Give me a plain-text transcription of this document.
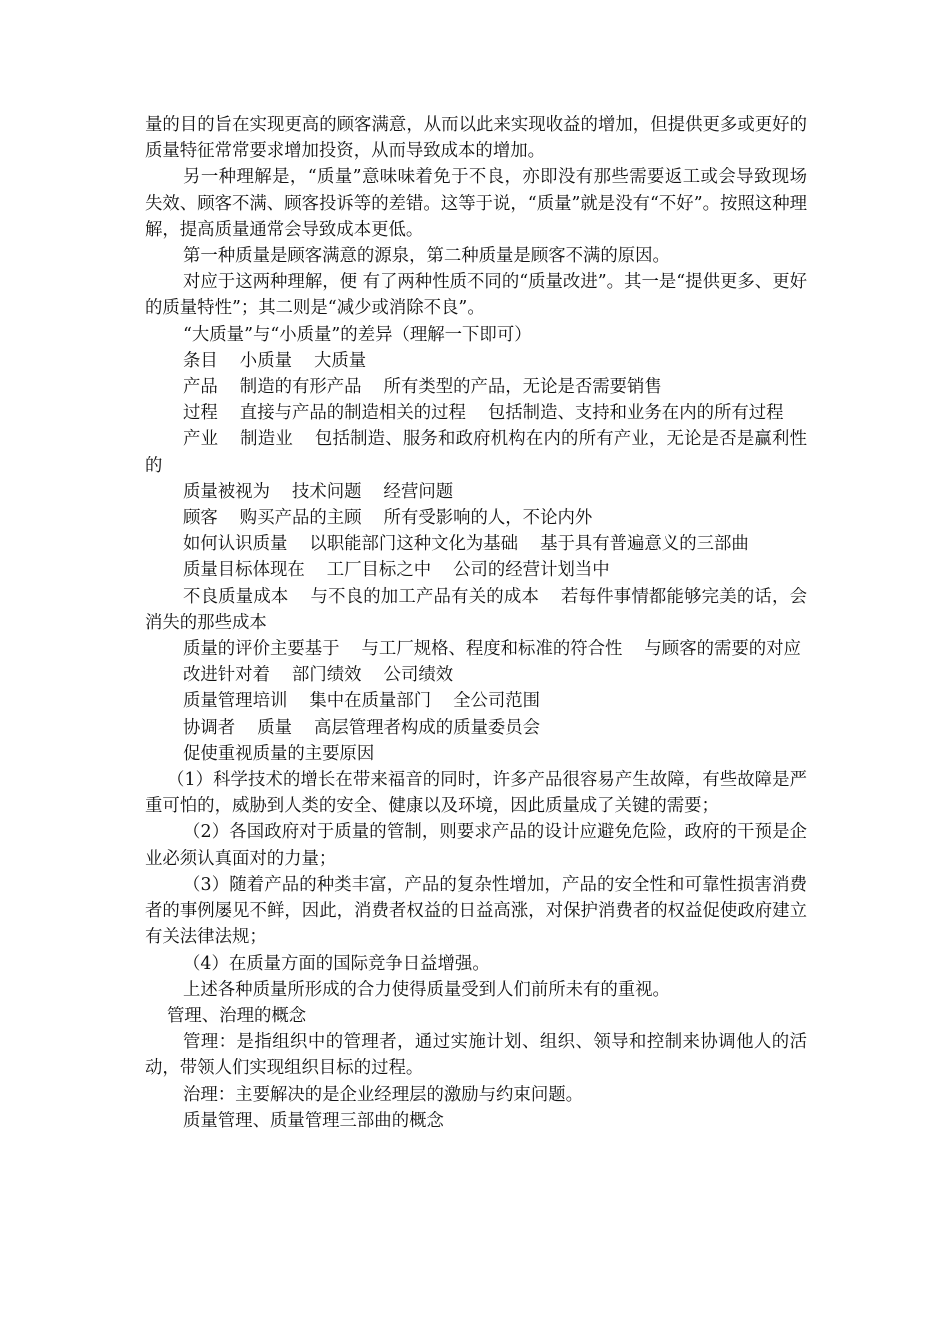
量的目的旨在实现更高的顾客满意，从而以此来实现收益的增加，但提供更多或更好的质量特征常常要求增加投资，从而导致成本的增加。

另一种理解是，“质量”意味味着免于不良，亦即没有那些需要返工或会导致现场失效、顾客不满、顾客投诉等的差错。这等于说，“质量”就是没有“不好”。按照这种理解，提高质量通常会导致成本更低。

第一种质量是顾客满意的源泉，第二种质量是顾客不满的原因。

对应于这两种理解，便 有了两种性质不同的“质量改进”。其一是“提供更多、更好的质量特性”；其二则是“减少或消除不良”。

“大质量”与“小质量”的差异（理解一下即可）

条目 小质量 大质量

产品 制造的有形产品 所有类型的产品，无论是否需要销售

过程 直接与产品的制造相关的过程 包括制造、支持和业务在内的所有过程

产业 制造业 包括制造、服务和政府机构在内的所有产业，无论是否是赢利性的

质量被视为 技术问题 经营问题

顾客 购买产品的主顾 所有受影响的人，不论内外

如何认识质量 以职能部门这种文化为基础 基于具有普遍意义的三部曲

质量目标体现在 工厂目标之中 公司的经营计划当中

不良质量成本 与不良的加工产品有关的成本 若每件事情都能够完美的话，会消失的那些成本

质量的评价主要基于 与工厂规格、程度和标准的符合性 与顾客的需要的对应

改进针对着 部门绩效 公司绩效

质量管理培训 集中在质量部门 全公司范围

协调者 质量 高层管理者构成的质量委员会

促使重视质量的主要原因

（1）科学技术的增长在带来福音的同时，许多产品很容易产生故障，有些故障是严重可怕的，威胁到人类的安全、健康以及环境，因此质量成了关键的需要；

（2）各国政府对于质量的管制，则要求产品的设计应避免危险，政府的干预是企业必须认真面对的力量；

（3）随着产品的种类丰富，产品的复杂性增加，产品的安全性和可靠性损害消费者的事例屡见不鲜，因此，消费者权益的日益高涨，对保护消费者的权益促使政府建立有关法律法规；

（4）在质量方面的国际竞争日益增强。

上述各种质量所形成的合力使得质量受到人们前所未有的重视。

管理、治理的概念

管理：是指组织中的管理者，通过实施计划、组织、领导和控制来协调他人的活动，带领人们实现组织目标的过程。

治理：主要解决的是企业经理层的激励与约束问题。

质量管理、质量管理三部曲的概念
